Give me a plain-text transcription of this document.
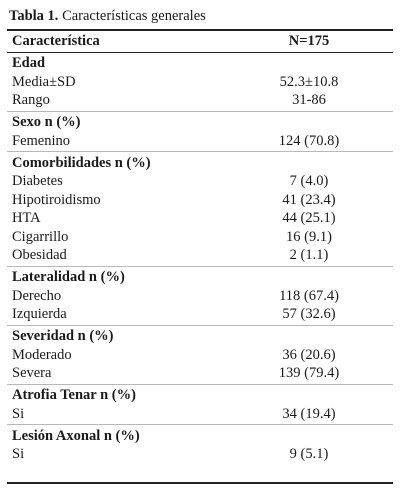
Tabla 1. Características generales
Característica	N=175
Edad
Media±SD	52.3±10.8
Rango	31-86
Sexo n (%)
Femenino	124 (70.8)
Comorbilidades n (%)
Diabetes	7 (4.0)
Hipotiroidismo	41 (23.4)
HTA	44 (25.1)
Cigarrillo	16 (9.1)
Obesidad	2 (1.1)
Lateralidad n (%)
Derecho	118 (67.4)
Izquierda	57 (32.6)
Severidad n (%)
Moderado	36 (20.6)
Severa	139 (79.4)
Atrofia Tenar n (%)
Si	34 (19.4)
Lesión Axonal n (%)
Si	9 (5.1)
